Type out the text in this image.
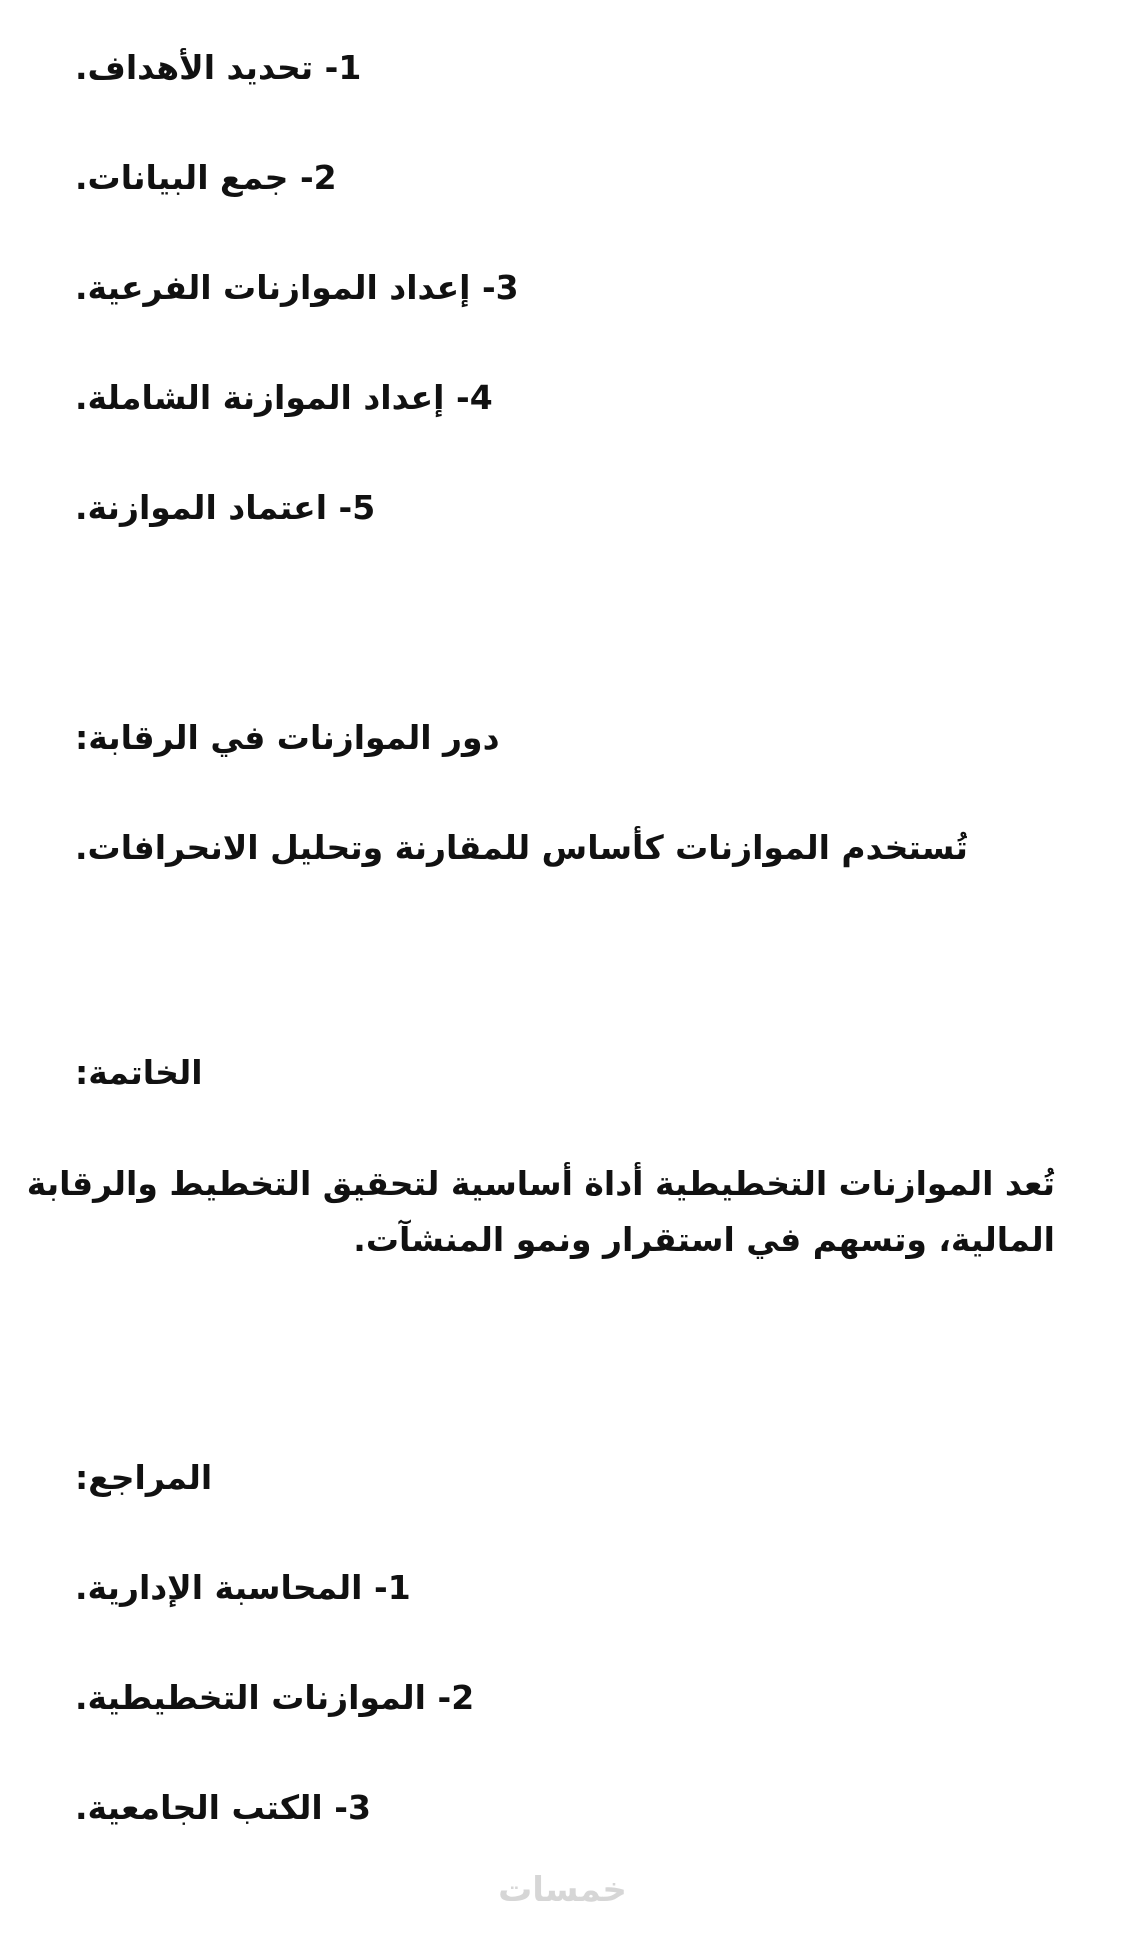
1- تحديد الأهداف.

2- جمع البيانات.

3- إعداد الموازنات الفرعية.

4- إعداد الموازنة الشاملة.

5- اعتماد الموازنة.

دور الموازنات في الرقابة:

تُستخدم الموازنات كأساس للمقارنة وتحليل الانحرافات.

الخاتمة:

تُعد الموازنات التخطيطية أداة أساسية لتحقيق التخطيط والرقابة
المالية، وتسهم في استقرار ونمو المنشآت.

المراجع:

1- المحاسبة الإدارية.

2- الموازنات التخطيطية.

3- الكتب الجامعية.

خمسات
